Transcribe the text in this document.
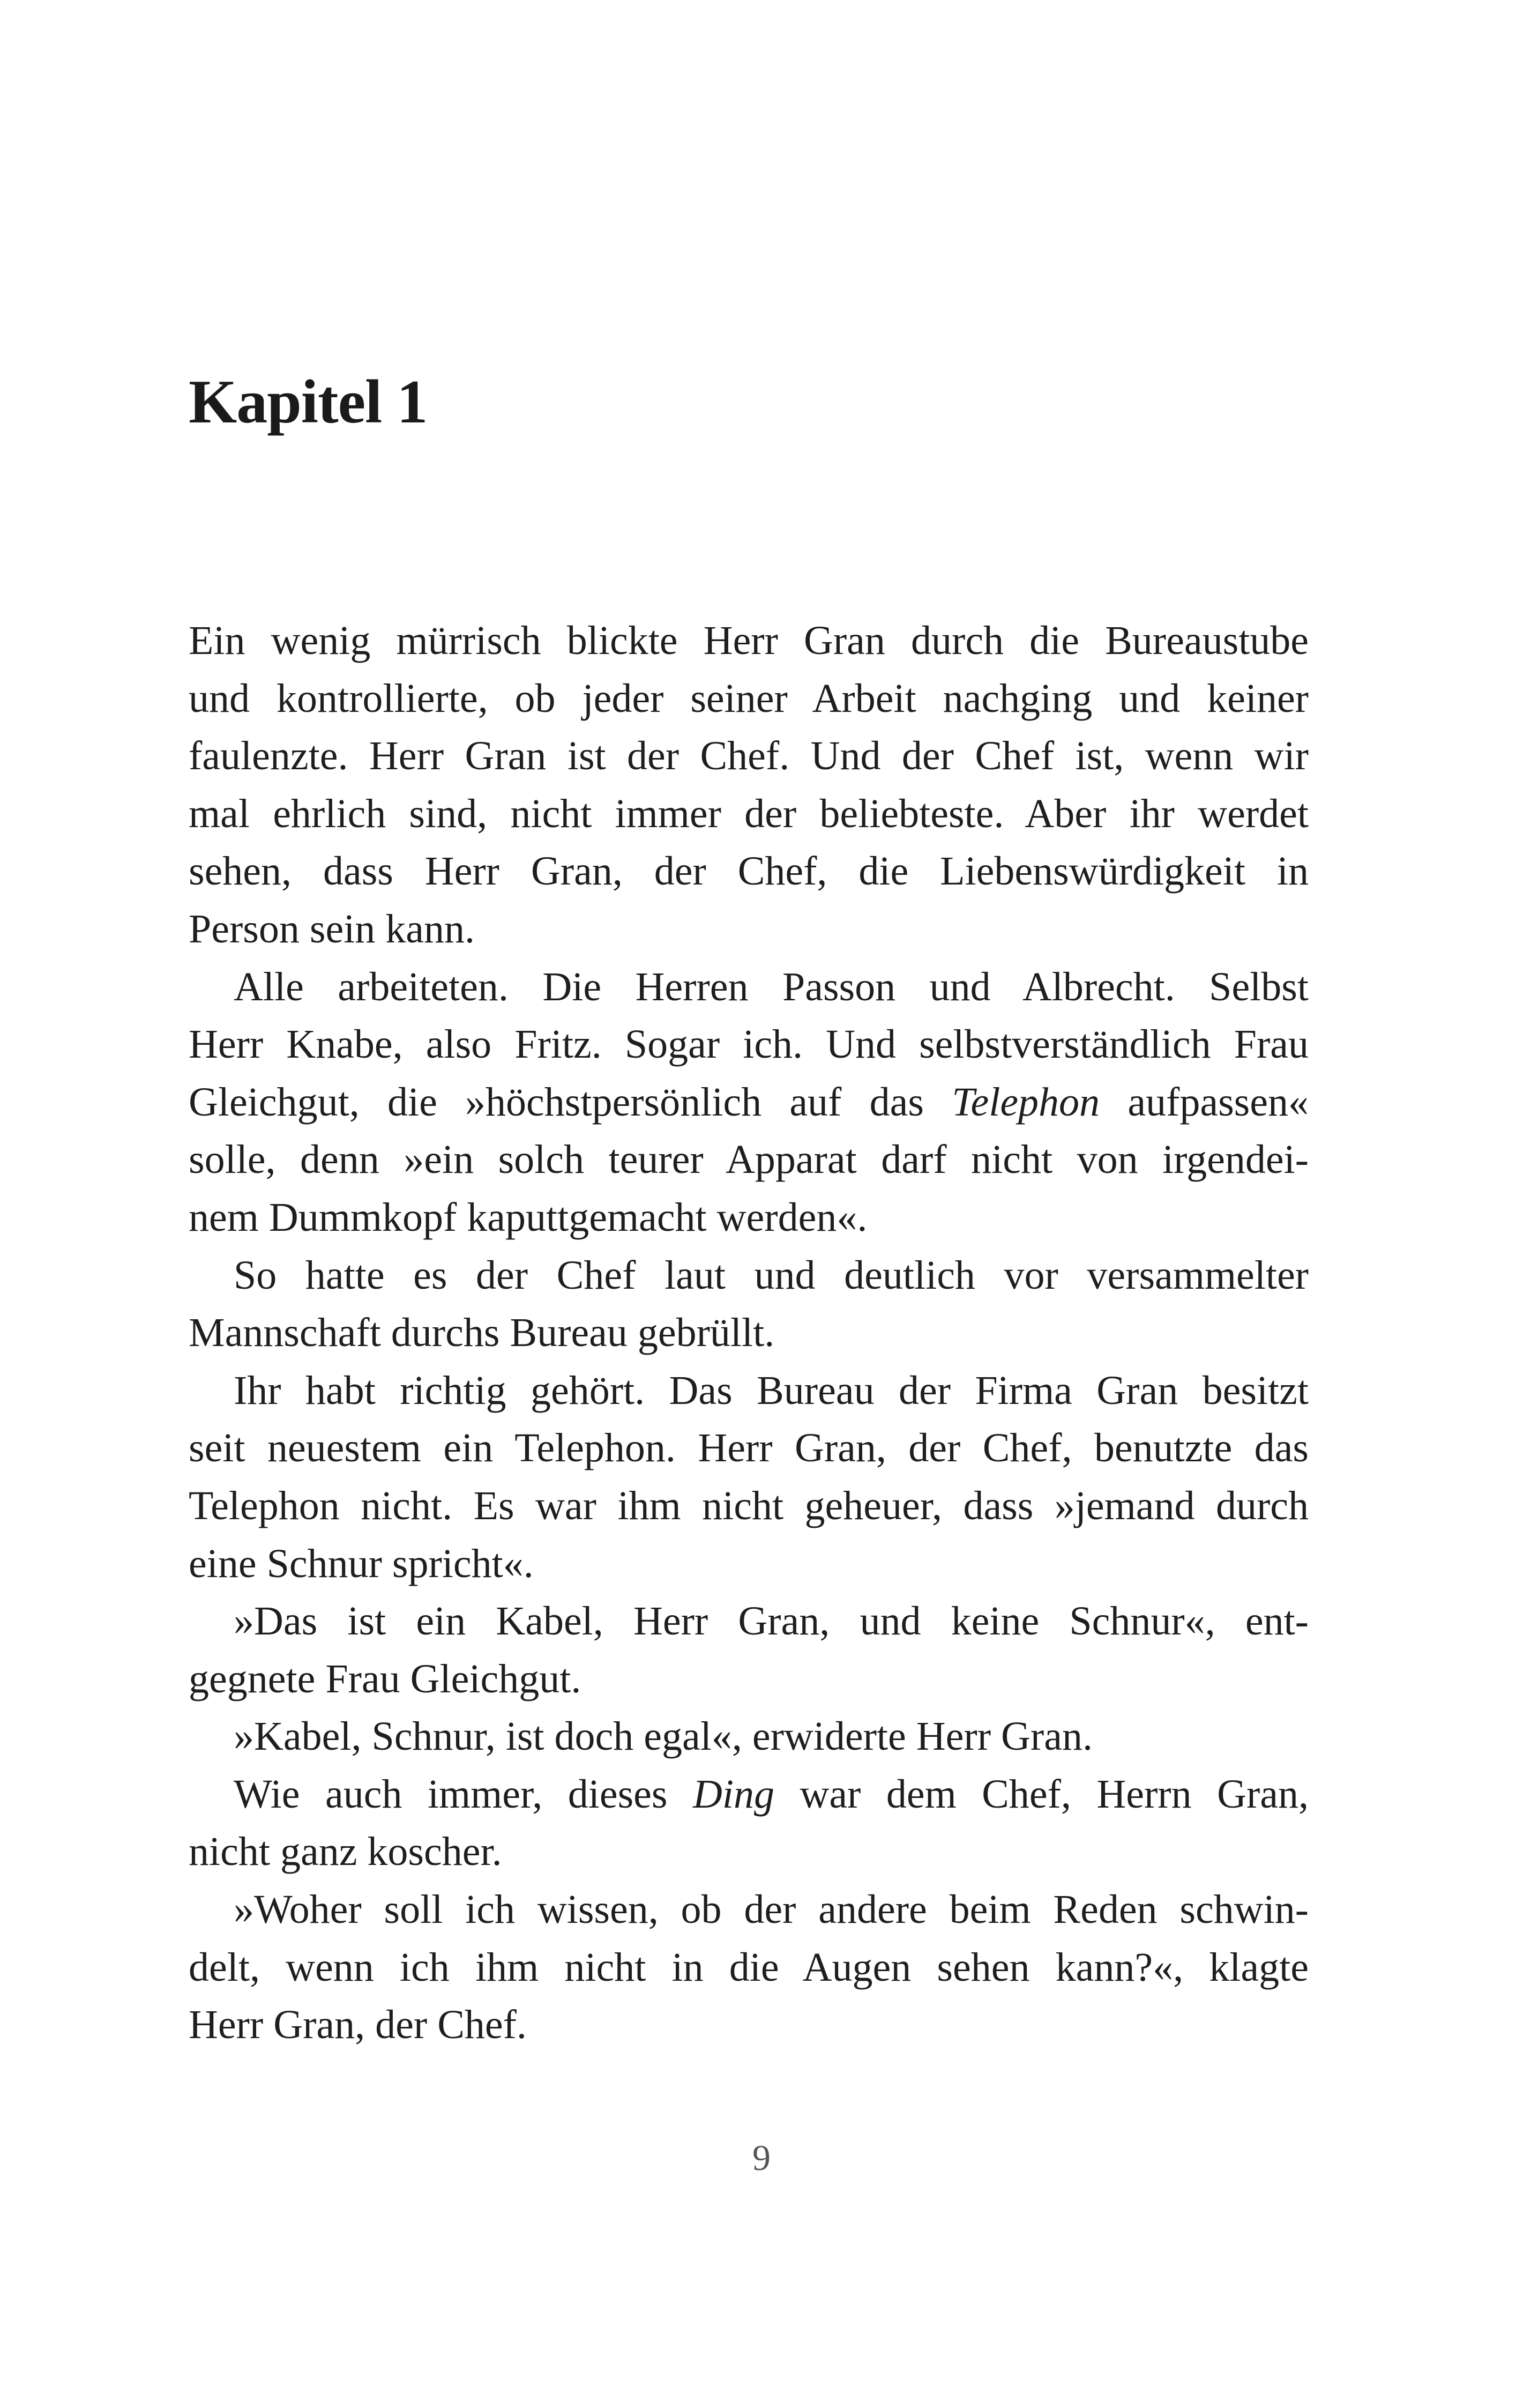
Kapitel 1
Ein wenig mürrisch blickte Herr Gran durch die Bureaustube
und kontrollierte, ob jeder seiner Arbeit nachging und keiner
faulenzte. Herr Gran ist der Chef. Und der Chef ist, wenn wir
mal ehrlich sind, nicht immer der beliebteste. Aber ihr werdet
sehen, dass Herr Gran, der Chef, die Liebenswürdigkeit in
Person sein kann.
Alle arbeiteten. Die Herren Passon und Albrecht. Selbst
Herr Knabe, also Fritz. Sogar ich. Und selbstverständlich Frau
Gleichgut, die »höchstpersönlich auf das Telephon aufpassen«
solle, denn »ein solch teurer Apparat darf nicht von irgendei-
nem Dummkopf kaputtgemacht werden«.
So hatte es der Chef laut und deutlich vor versammelter
Mannschaft durchs Bureau gebrüllt.
Ihr habt richtig gehört. Das Bureau der Firma Gran besitzt
seit neuestem ein Telephon. Herr Gran, der Chef, benutzte das
Telephon nicht. Es war ihm nicht geheuer, dass »jemand durch
eine Schnur spricht«.
»Das ist ein Kabel, Herr Gran, und keine Schnur«, ent-
gegnete Frau Gleichgut.
»Kabel, Schnur, ist doch egal«, erwiderte Herr Gran.
Wie auch immer, dieses Ding war dem Chef, Herrn Gran,
nicht ganz koscher.
»Woher soll ich wissen, ob der andere beim Reden schwin-
delt, wenn ich ihm nicht in die Augen sehen kann?«, klagte
Herr Gran, der Chef.
9
